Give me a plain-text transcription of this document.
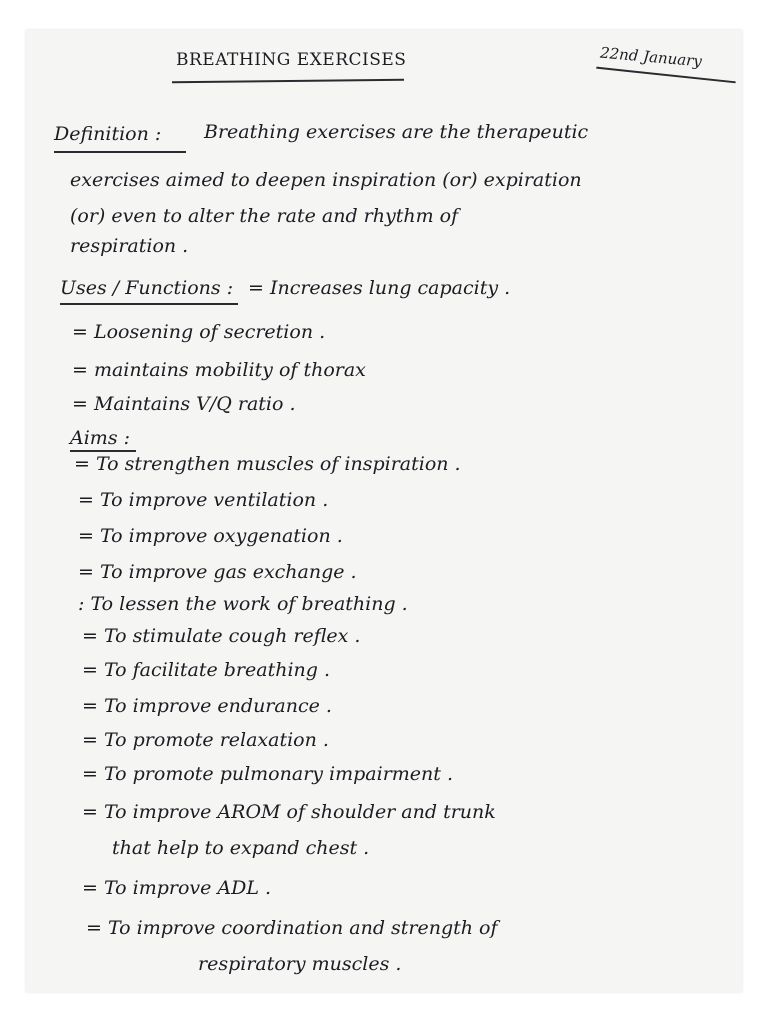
BREATHING EXERCISES	22nd January
Definition : Breathing exercises are the therapeutic
exercises aimed to deepen inspiration (or) expiration
(or) even to alter the rate and rhythm of
respiration .
Uses / Functions : = Increases lung capacity .
= Loosening of secretion .
= maintains mobility of thorax
= Maintains V/Q ratio .
Aims :
= To strengthen muscles of inspiration .
= To improve ventilation .
= To improve oxygenation .
= To improve gas exchange .
: To lessen the work of breathing .
= To stimulate cough reflex .
= To facilitate breathing .
= To improve endurance .
= To promote relaxation .
= To promote pulmonary impairment .
= To improve AROM of shoulder and trunk
that help to expand chest .
= To improve ADL .
= To improve coordination and strength of
respiratory muscles .
